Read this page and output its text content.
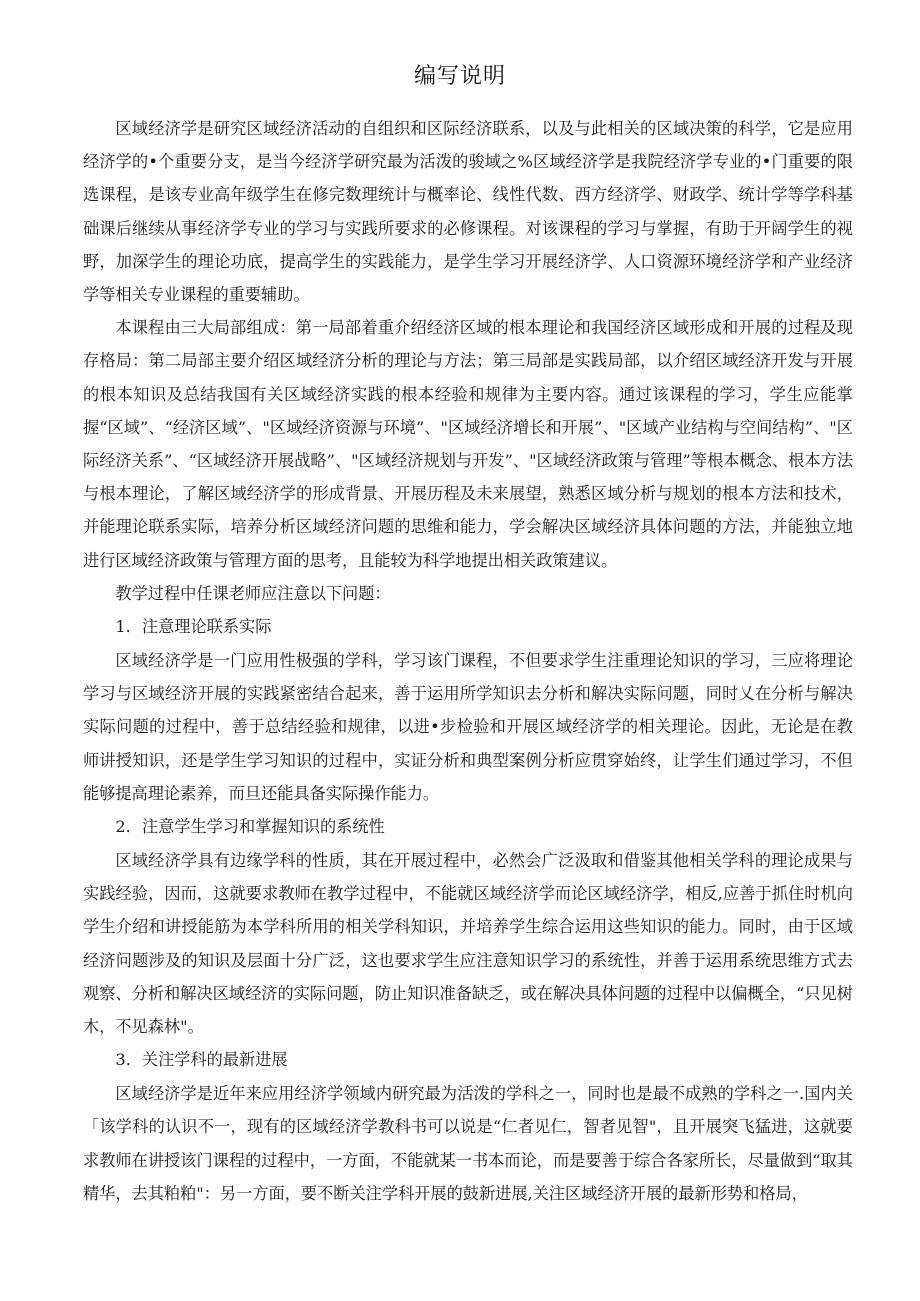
编写说明

区域经济学是研究区域经济活动的自组织和区际经济联系，以及与此相关的区域决策的科学，它是应用经济学的•个重要分支，是当今经济学研究最为活泼的骏域之%区域经济学是我院经济学专业的•门重要的限选课程，是该专业高年级学生在修完数理统计与概率论、线性代数、西方经济学、财政学、统计学等学科基础课后继续从事经济学专业的学习与实践所要求的必修课程。对该课程的学习与掌握，有助于开阔学生的视野，加深学生的理论功底，提高学生的实践能力，是学生学习开展经济学、人口资源环境经济学和产业经济学等相关专业课程的重要辅助。

本课程由三大局部组成：第一局部着重介绍经济区域的根本理论和我国经济区域形成和开展的过程及现存格局：第二局部主要介绍区域经济分析的理论与方法；第三局部是实践局部，以介绍区域经济开发与开展的根本知识及总结我国有关区域经济实践的根本经验和规律为主要内容。通过该课程的学习，学生应能掌握“区域”、“经济区域”、"区域经济资源与环境”、"区域经济增长和开展”、"区域产业结构与空间结构”、"区际经济关系”、“区域经济开展战略”、"区域经济规划与开发”、"区域经济政策与管理”等根本概念、根本方法与根本理论，了解区域经济学的形成背景、开展历程及未来展望，熟悉区域分析与规划的根本方法和技术，并能理论联系实际，培养分析区域经济问题的思维和能力，学会解决区域经济具体问题的方法，并能独立地进行区域经济政策与管理方面的思考，且能较为科学地提出相关政策建议。

教学过程中任课老师应注意以下问题：

1．注意理论联系实际

区域经济学是一门应用性极强的学科，学习该门课程，不但要求学生注重理论知识的学习，三应将理论学习与区域经济开展的实践紧密结合起来，善于运用所学知识去分析和解决实际问题，同时乂在分析与解决实际问题的过程中，善于总结经验和规律，以进•步检验和开展区域经济学的相关理论。因此，无论是在教师讲授知识，还是学生学习知识的过程中，实证分析和典型案例分析应贯穿始终，让学生们通过学习，不但能够提高理论素养，而旦还能具备实际操作能力。

2．注意学生学习和掌握知识的系统性

区域经济学具有边缘学科的性质，其在开展过程中，必然会广泛汲取和借鉴其他相关学科的理论成果与实践经验，因而，这就要求教师在教学过程中，不能就区域经济学而论区域经济学，相反,应善于抓住时机向学生介绍和讲授能筋为本学科所用的相关学科知识，并培养学生综合运用这些知识的能力。同时，由于区域经济问题涉及的知识及层面十分广泛，这也要求学生应注意知识学习的系统性，并善于运用系统思维方式去观察、分析和解决区域经济的实际问题，防止知识准备缺乏，或在解决具体问题的过程中以偏概全，“只见树木，不见森林"。

3．关注学科的最新进展

区域经济学是近年来应用经济学领域内研究最为活泼的学科之一，同时也是最不成熟的学科之一.国内关「该学科的认识不一，现有的区域经济学教科书可以说是“仁者见仁，智者见智"，且开展突飞猛进，这就要求教师在讲授该门课程的过程中，一方面，不能就某一书本而论，而是要善于综合各家所长，尽量做到“取其精华，去其粕粕"：另一方面，要不断关注学科开展的鼓新进展,关注区域经济开展的最新形势和格局，
